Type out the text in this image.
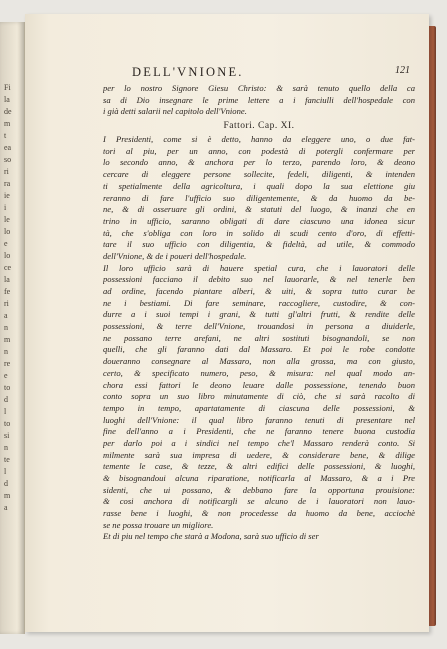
Fi
la
de
m
t
ea
so
ri
ra
ie
i
le
lo
e
lo
ce
la
fe
ri
a
n
m
n
re
e
to
d
l
to
si
n
te
l
d
m
a
DELL'VNIONE.	121
per lo nostro Signore Giesu Christo: & sarà tenuto quello della ca
sa di Dio insegnare le prime lettere a i fanciulli dell'hospedale con
i già detti salarii nel capitolo dell'Vnione.
Fattori. Cap. XI.
I Presidenti, come si è detto, hanno da eleggere uno, o due fat-
tori al piu, per un anno, con podestà di potergli confermare per
lo secondo anno, & anchora per lo terzo, parendo loro, & deono
cercare di eleggere persone sollecite, fedeli, diligenti, & intenden
ti spetialmente della agricoltura, i quali dopo la sua elettione giu
reranno di fare l'ufficio suo diligentemente, & da huomo da be-
ne, & di osseruare gli ordini, & statuti del luogo, & inanzi che en
trino in ufficio, saranno obligati di dare ciascuno una idonea sicur
tà, che s'obliga con loro in solido di scudi cento d'oro, di effetti-
tare il suo ufficio con diligentia, & fideltà, ad utile, & commodo
dell'Vnione, & de i poueri dell'hospedale.
Il loro ufficio sarà di hauere spetial cura, che i lauoratori delle
possessioni facciano il debito suo nel lauorarle, & nel tenerle ben
ad ordine, facendo piantare alberi, & uiti, & sopra tutto curar be
ne i bestiami. Di fare seminare, raccogliere, custodire, & con-
durre a i suoi tempi i grani, & tutti gl'altri frutti, & rendite delle
possessioni, & terre dell'Vnione, trouandosi in persona a diuiderle,
ne possano terre arefani, ne altri sostituti bisognandoli, se non
quelli, che gli faranno dati dal Massaro. Et poi le robe condotte
doueranno consegnare al Massaro, non alla grossa, ma con giusto,
certo, & specificato numero, peso, & misura: nel qual modo an-
chora essi fattori le deono leuare dalle possessione, tenendo buon
conto sopra un suo libro minutamente di ciò, che si sarà racolto di
tempo in tempo, apartatamente di ciascuna delle possessioni, &
luoghi dell'Vnione: il qual libro faranno tenuti di presentare nel
fine dell'anno a i Presidenti, che ne faranno tenere buona custodia
per darlo poi a i sindici nel tempo che'l Massaro renderà conto. Si
milmente sarà sua impresa di uedere, & considerare bene, & dilige
temente le case, & tezze, & altri edifici delle possessioni, & luoghi,
& bisognandoui alcuna riparatione, notificarla al Massaro, & a i Pre
sidenti, che ui possano, & debbano fare la opportuna prouisione:
& cosi anchora di notificargli se alcuno de i lauoratori non lauo-
rasse bene i luoghi, & non procedesse da huomo da bene, acciochè
se ne possa trouare un migliore.
Et di piu nel tempo che starà a Modona, sarà suo ufficio di ser
